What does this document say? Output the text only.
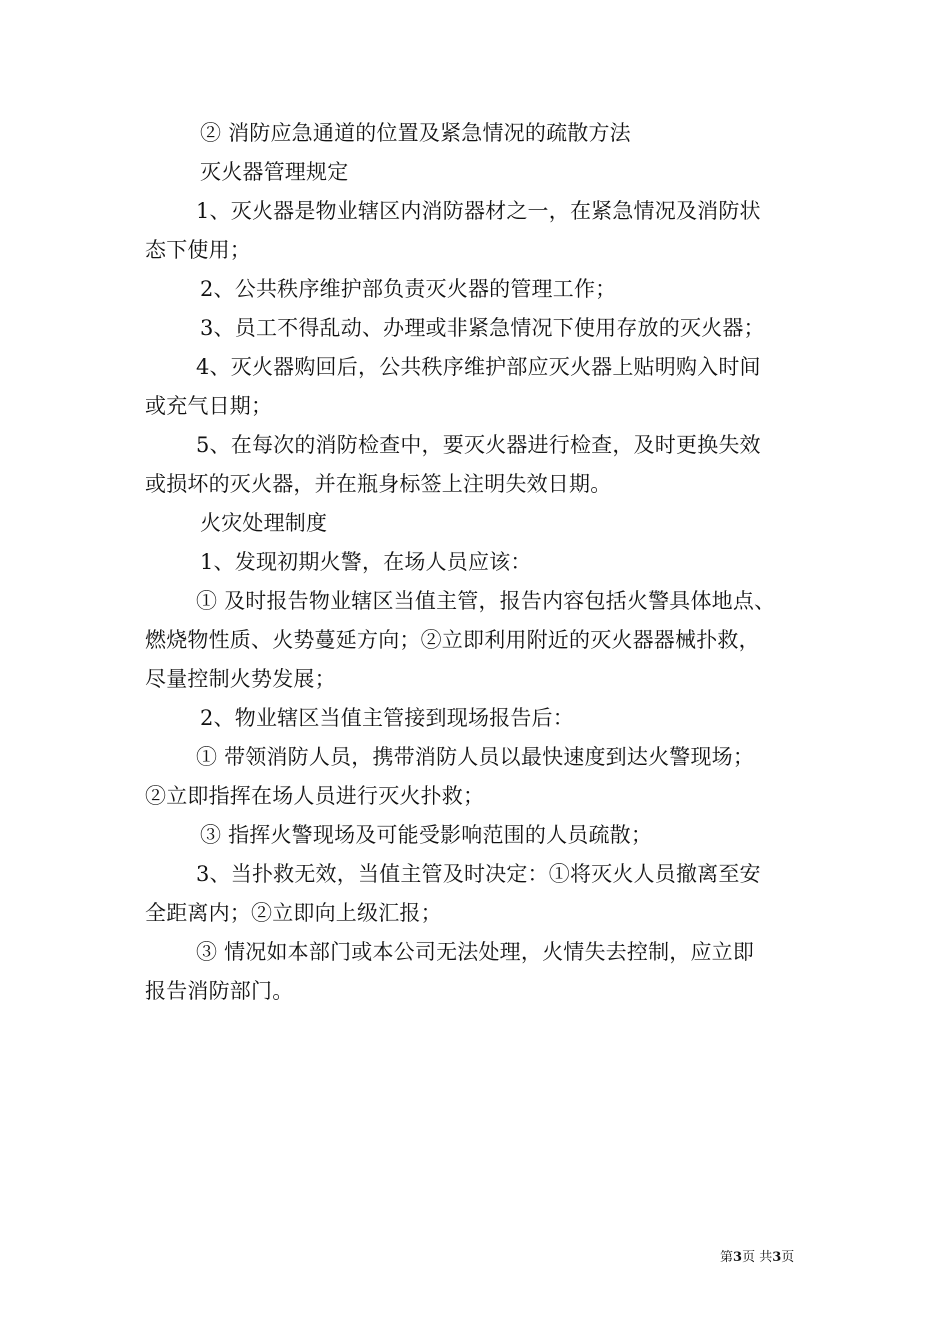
② 消防应急通道的位置及紧急情况的疏散方法
灭火器管理规定
1、灭火器是物业辖区内消防器材之一，在紧急情况及消防状
态下使用；
2、公共秩序维护部负责灭火器的管理工作；
3、员工不得乱动、办理或非紧急情况下使用存放的灭火器；
4、灭火器购回后，公共秩序维护部应灭火器上贴明购入时间
或充气日期；
5、在每次的消防检查中，要灭火器进行检查，及时更换失效
或损坏的灭火器，并在瓶身标签上注明失效日期。
火灾处理制度
1、发现初期火警，在场人员应该：
① 及时报告物业辖区当值主管，报告内容包括火警具体地点、
燃烧物性质、火势蔓延方向；②立即利用附近的灭火器器械扑救，
尽量控制火势发展；
2、物业辖区当值主管接到现场报告后：
① 带领消防人员，携带消防人员以最快速度到达火警现场；
②立即指挥在场人员进行灭火扑救；
③ 指挥火警现场及可能受影响范围的人员疏散；
3、当扑救无效，当值主管及时决定：①将灭火人员撤离至安
全距离内；②立即向上级汇报；
③ 情况如本部门或本公司无法处理，火情失去控制，应立即
报告消防部门。
第3页 共3页
